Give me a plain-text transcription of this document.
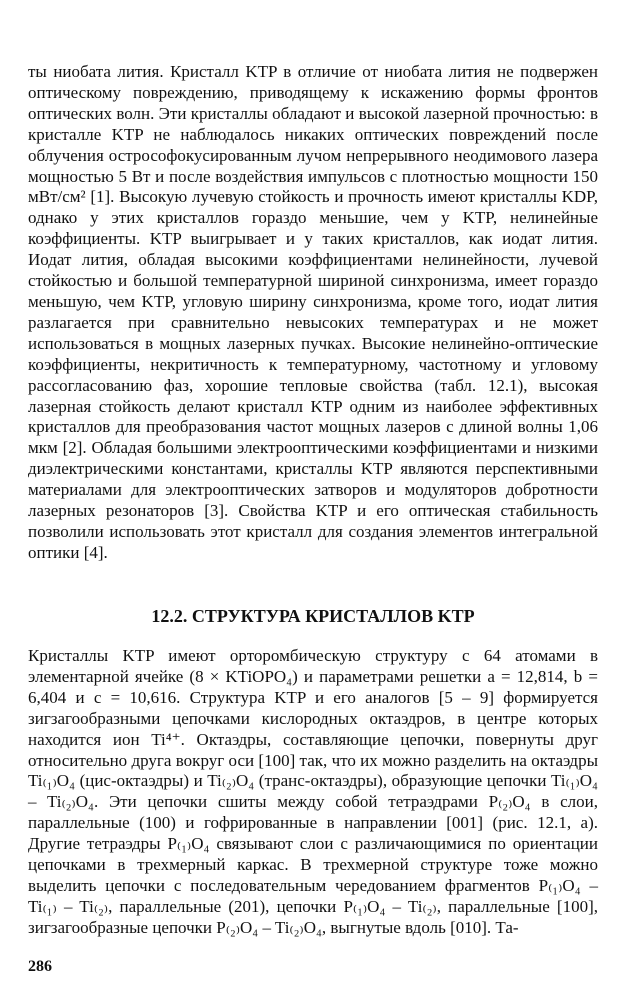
ты ниобата лития. Кристалл KTP в отличие от ниобата лития не подвержен оптическому повреждению, приводящему к искажению формы фронтов оптических волн. Эти кристаллы обладают и высокой лазерной прочностью: в кристалле KTP не наблюдалось никаких оптических повреждений после облучения острософокусированным лучом непрерывного неодимового лазера мощностью 5 Вт и после воздействия импульсов с плотностью мощности 150 мВт/см² [1]. Высокую лучевую стойкость и прочность имеют кристаллы KDP, однако у этих кристаллов гораздо меньшие, чем у KTP, нелинейные коэффициенты. KTP выигрывает и у таких кристаллов, как иодат лития. Иодат лития, обладая высокими коэффициентами нелинейности, лучевой стойкостью и большой температурной шириной синхронизма, имеет гораздо меньшую, чем KTP, угловую ширину синхронизма, кроме того, иодат лития разлагается при сравнительно невысоких температурах и не может использоваться в мощных лазерных пучках. Высокие нелинейно-оптические коэффициенты, некритичность к температурному, частотному и угловому рассогласованию фаз, хорошие тепловые свойства (табл. 12.1), высокая лазерная стойкость делают кристалл KTP одним из наиболее эффективных кристаллов для преобразования частот мощных лазеров с длиной волны 1,06 мкм [2]. Обладая большими электрооптическими коэффициентами и низкими диэлектрическими константами, кристаллы KTP являются перспективными материалами для электрооптических затворов и модуляторов добротности лазерных резонаторов [3]. Свойства KTP и его оптическая стабильность позволили использовать этот кристалл для создания элементов интегральной оптики [4].

12.2. СТРУКТУРА КРИСТАЛЛОВ KTP

Кристаллы KTP имеют орторомбическую структуру с 64 атомами в элементарной ячейке (8 × KTiOPO₄) и параметрами решетки a = 12,814, b = 6,404 и c = 10,616. Структура KTP и его аналогов [5 – 9] формируется зигзагообразными цепочками кислородных октаэдров, в центре которых находится ион Ti⁴⁺. Октаэдры, составляющие цепочки, повернуты друг относительно друга вокруг оси [100] так, что их можно разделить на октаэдры Ti₍₁₎O₄ (цис-октаэдры) и Ti₍₂₎O₄ (транс-октаэдры), образующие цепочки Ti₍₁₎O₄ – Ti₍₂₎O₄. Эти цепочки сшиты между собой тетраэдрами P₍₂₎O₄ в слои, параллельные (100) и гофрированные в направлении [001] (рис. 12.1, a). Другие тетраэдры P₍₁₎O₄ связывают слои с различающимися по ориентации цепочками в трехмерный каркас. В трехмерной структуре тоже можно выделить цепочки с последовательным чередованием фрагментов P₍₁₎O₄ – Ti₍₁₎ – Ti₍₂₎, параллельные (201), цепочки P₍₁₎O₄ – Ti₍₂₎, параллельные [100], зигзагообразные цепочки P₍₂₎O₄ – Ti₍₂₎O₄, выгнутые вдоль [010]. Та-

286
